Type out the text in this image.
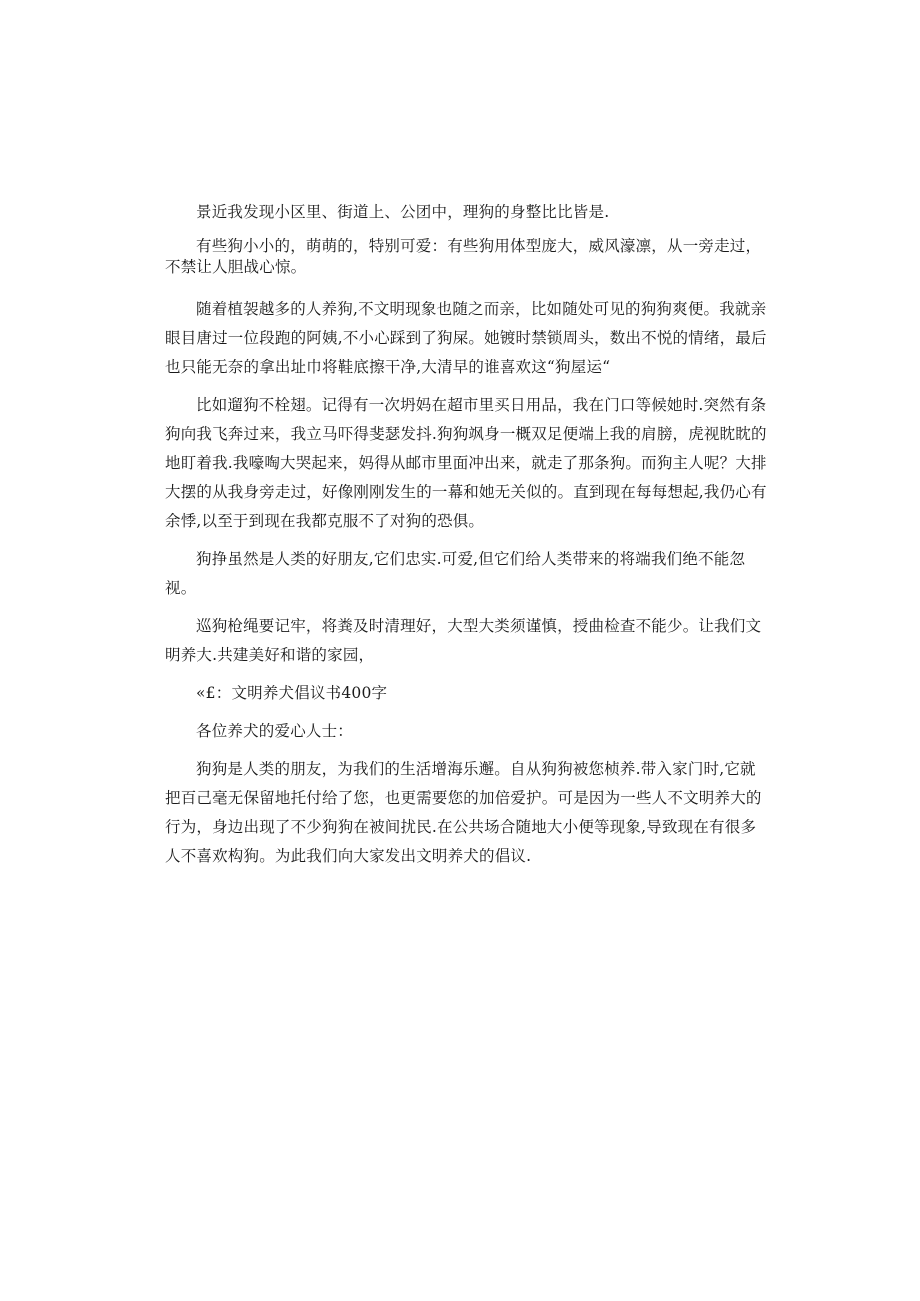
景近我发现小区里、街道上、公团中，理狗的身整比比皆是.

有些狗小小的，萌萌的，特别可爱：有些狗用体型庞大，威风濠凛，从一旁走过，不禁让人胆战心惊。

随着植袈越多的人养狗,不文明现象也随之而亲，比如随处可见的狗狗爽便。我就亲眼目唐过一位段跑的阿姨,不小心踩到了狗屎。她镀时禁锁周头，数出不悦的情绪，最后也只能无奈的拿出址巾将鞋底擦干净,大清早的谁喜欢这“狗屋运“

比如遛狗不栓翅。记得有一次坍妈在超市里买日用品，我在门口等候她时.突然有条狗向我飞奔过来，我立马吓得斐瑟发抖.狗狗飒身一概双足便端上我的肩膀，虎视眈眈的地盯着我.我嚎啕大哭起来，妈得从邮市里面冲出来，就走了那条狗。而狗主人呢？大排大摆的从我身旁走过，好像刚刚发生的一幕和她无关似的。直到现在每每想起,我仍心有余悸,以至于到现在我都克服不了对狗的恐俱。

狗挣虽然是人类的好朋友,它们忠实.可爱,但它们给人类带来的将端我们绝不能忽视。

巡狗枪绳要记牢，将粪及时清理好，大型大类须谨慎，授曲检查不能少。让我们文明养大.共建美好和谐的家园，

«£：文明养犬倡议书400字

各位养犬的爱心人士：

狗狗是人类的朋友，为我们的生活增海乐邂。自从狗狗被您桢养.带入家门时,它就把百己毫无保留地托付给了您，也更需要您的加倍爱护。可是因为一些人不文明养大的行为，身边出现了不少狗狗在被间扰民.在公共场合随地大小便等现象,导致现在有很多人不喜欢构狗。为此我们向大家发出文明养犬的倡议.
